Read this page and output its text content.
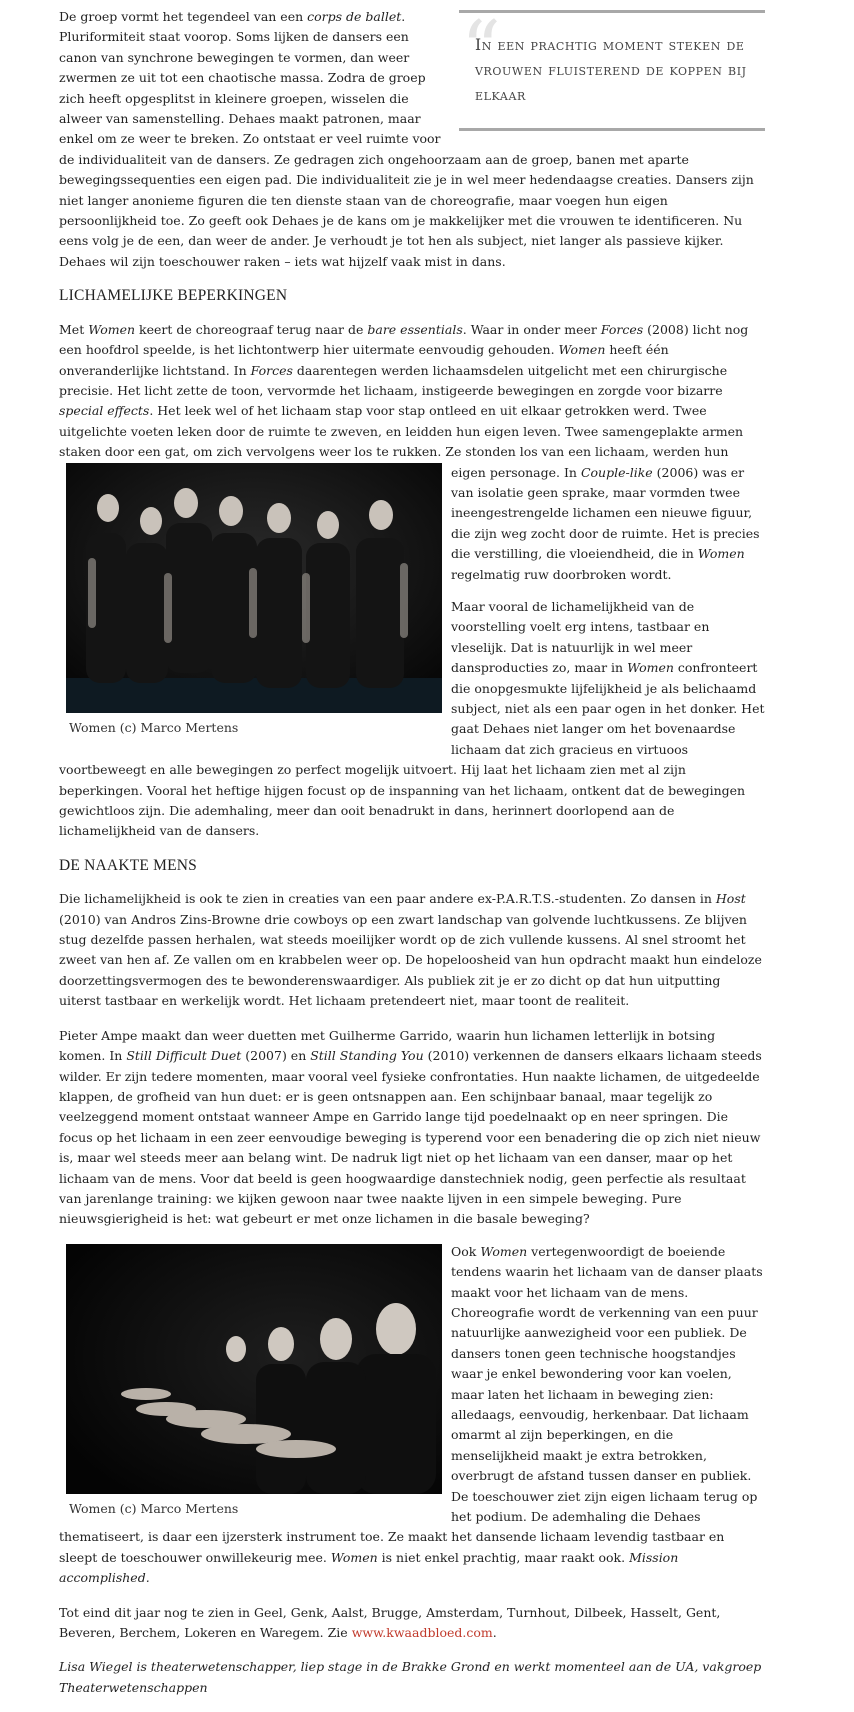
“
In een prachtig moment steken de vrouwen fluisterend de koppen bij elkaar

De groep vormt het tegendeel van een corps de ballet. Pluriformiteit staat voorop. Soms lijken de dansers een canon van synchrone bewegingen te vormen, dan weer zwermen ze uit tot een chaotische massa. Zodra de groep zich heeft opgesplitst in kleinere groepen, wisselen die alweer van samenstelling. Dehaes maakt patronen, maar enkel om ze weer te breken. Zo ontstaat er veel ruimte voor de individualiteit van de dansers. Ze gedragen zich ongehoorzaam aan de groep, banen met aparte bewegingssequenties een eigen pad. Die individualiteit zie je in wel meer hedendaagse creaties. Dansers zijn niet langer anonieme figuren die ten dienste staan van de choreografie, maar voegen hun eigen persoonlijkheid toe. Zo geeft ook Dehaes je de kans om je makkelijker met die vrouwen te identificeren. Nu eens volg je de een, dan weer de ander. Je verhoudt je tot hen als subject, niet langer als passieve kijker. Dehaes wil zijn toeschouwer raken – iets wat hijzelf vaak mist in dans.

LICHAMELIJKE BEPERKINGEN

Met Women keert de choreograaf terug naar de bare essentials. Waar in onder meer Forces (2008) licht nog een hoofdrol speelde, is het lichtontwerp hier uitermate eenvoudig gehouden. Women heeft één onveranderlijke lichtstand. In Forces daarentegen werden lichaamsdelen uitgelicht met een chirurgische precisie. Het licht zette de toon, vervormde het lichaam, instigeerde bewegingen en zorgde voor bizarre special effects. Het leek wel of het lichaam stap voor stap ontleed en uit elkaar getrokken werd. Twee uitgelichte voeten leken door de ruimte te zweven, en leidden hun eigen leven. Twee samengeplakte armen staken door een gat, om zich vervolgens weer los te rukken. Ze stonden los van een lichaam, werden hun eigen personage. In
Women (c) Marco Mertens
Couple-like (2006) was er van isolatie geen sprake, maar vormden twee ineengestrengelde lichamen een nieuwe figuur, die zijn weg zocht door de ruimte. Het is precies die verstilling, die vloeiendheid, die in Women regelmatig ruw doorbroken wordt.

Maar vooral de lichamelijkheid van de voorstelling voelt erg intens, tastbaar en vleselijk. Dat is natuurlijk in wel meer dansproducties zo, maar in Women confronteert die onopgesmukte lijfelijkheid je als belichaamd subject, niet als een paar ogen in het donker. Het gaat Dehaes niet langer om het bovenaardse lichaam dat zich gracieus en virtuoos voortbeweegt en alle bewegingen zo perfect mogelijk uitvoert. Hij laat het lichaam zien met al zijn beperkingen. Vooral het heftige hijgen focust op de inspanning van het lichaam, ontkent dat de bewegingen gewichtloos zijn. Die ademhaling, meer dan ooit benadrukt in dans, herinnert doorlopend aan de lichamelijkheid van de dansers.

DE NAAKTE MENS

Die lichamelijkheid is ook te zien in creaties van een paar andere ex-P.A.R.T.S.-studenten. Zo dansen in Host (2010) van Andros Zins-Browne drie cowboys op een zwart landschap van golvende luchtkussens. Ze blijven stug dezelfde passen herhalen, wat steeds moeilijker wordt op de zich vullende kussens. Al snel stroomt het zweet van hen af. Ze vallen om en krabbelen weer op. De hopeloosheid van hun opdracht maakt hun eindeloze doorzettingsvermogen des te bewonderenswaardiger. Als publiek zit je er zo dicht op dat hun uitputting uiterst tastbaar en werkelijk wordt. Het lichaam pretendeert niet, maar toont de realiteit.

Pieter Ampe maakt dan weer duetten met Guilherme Garrido, waarin hun lichamen letterlijk in botsing komen. In Still Difficult Duet (2007) en Still Standing You (2010) verkennen de dansers elkaars lichaam steeds wilder. Er zijn tedere momenten, maar vooral veel fysieke confrontaties. Hun naakte lichamen, de uitgedeelde klappen, de grofheid van hun duet: er is geen ontsnappen aan. Een schijnbaar banaal, maar tegelijk zo veelzeggend moment ontstaat wanneer Ampe en Garrido lange tijd poedelnaakt op en neer springen. Die focus op het lichaam in een zeer eenvoudige beweging is typerend voor een benadering die op zich niet nieuw is, maar wel steeds meer aan belang wint. De nadruk ligt niet op het lichaam van een danser, maar op het lichaam van de mens. Voor dat beeld is geen hoogwaardige danstechniek nodig, geen perfectie als resultaat van jarenlange training: we kijken gewoon naar twee naakte lijven in een simpele beweging. Pure nieuwsgierigheid is het: wat gebeurt er met onze lichamen in die basale beweging?

Women (c) Marco Mertens

Ook Women vertegenwoordigt de boeiende tendens waarin het lichaam van de danser plaats maakt voor het lichaam van de mens. Choreografie wordt de verkenning van een puur natuurlijke aanwezigheid voor een publiek. De dansers tonen geen technische hoogstandjes waar je enkel bewondering voor kan voelen, maar laten het lichaam in beweging zien: alledaags, eenvoudig, herkenbaar. Dat lichaam omarmt al zijn beperkingen, en die menselijkheid maakt je extra betrokken, overbrugt de afstand tussen danser en publiek. De toeschouwer ziet zijn eigen lichaam terug op het podium. De ademhaling die Dehaes thematiseert, is daar een ijzersterk instrument toe. Ze maakt het dansende lichaam levendig tastbaar en sleept de toeschouwer onwillekeurig mee. Women is niet enkel prachtig, maar raakt ook. Mission accomplished.

Tot eind dit jaar nog te zien in Geel, Genk, Aalst, Brugge, Amsterdam, Turnhout, Dilbeek, Hasselt, Gent, Beveren, Berchem, Lokeren en Waregem. Zie www.kwaadbloed.com.

Lisa Wiegel is theaterwetenschapper, liep stage in de Brakke Grond en werkt momenteel aan de UA, vakgroep Theaterwetenschappen
